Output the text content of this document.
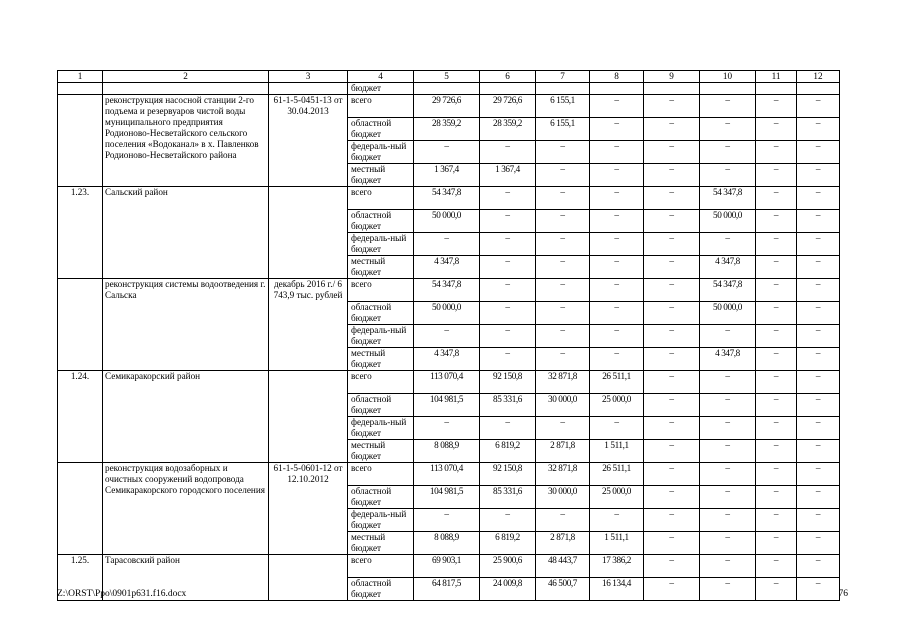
1	2	3	4	5	6	7	8	9	10	11	12
			бюджет								
	реконструкция насосной станции 2-го подъема и резервуаров чистой воды муниципального предприятия Родионово-Несветайского сельского поселения «Водоканал» в х. Павленков Родионово-Несветайского района	61-1-5-0451-13 от 30.04.2013	всего	29 726,6	29 726,6	6 155,1	–	–	–	–	–
			областной бюджет	28 359,2	28 359,2	6 155,1	–	–	–	–	–
			федераль-ный бюджет	–	–	–	–	–	–	–	–
			местный бюджет	1 367,4	1 367,4	–	–	–	–	–	–
1.23.	Сальский район		всего	54 347,8	–	–	–	–	54 347,8	–	–
			областной бюджет	50 000,0	–	–	–	–	50 000,0	–	–
			федераль-ный бюджет	–	–	–	–	–	–	–	–
			местный бюджет	4 347,8	–	–	–	–	4 347,8	–	–
	реконструкция системы водоотведения г. Сальска	декабрь 2016 г./ 6 743,9 тыс. рублей	всего	54 347,8	–	–	–	–	54 347,8	–	–
			областной бюджет	50 000,0	–	–	–	–	50 000,0	–	–
			федераль-ный бюджет	–	–	–	–	–	–	–	–
			местный бюджет	4 347,8	–	–	–	–	4 347,8	–	–
1.24.	Семикаракорский район		всего	113 070,4	92 150,8	32 871,8	26 511,1	–	–	–	–
			областной бюджет	104 981,5	85 331,6	30 000,0	25 000,0	–	–	–	–
			федераль-ный бюджет	–	–	–	–	–	–	–	–
			местный бюджет	8 088,9	6 819,2	2 871,8	1 511,1	–	–	–	–
	реконструкция водозаборных и очистных сооружений водопровода Семикаракорского городского поселения	61-1-5-0601-12 от 12.10.2012	всего	113 070,4	92 150,8	32 871,8	26 511,1	–	–	–	–
			областной бюджет	104 981,5	85 331,6	30 000,0	25 000,0	–	–	–	–
			федераль-ный бюджет	–	–	–	–	–	–	–	–
			местный бюджет	8 088,9	6 819,2	2 871,8	1 511,1	–	–	–	–
1.25.	Тарасовский район		всего	69 903,1	25 900,6	48 443,7	17 386,2	–	–	–	–
			областной бюджет	64 817,5	24 009,8	46 500,7	16 134,4	–	–	–	–
Z:\ORST\Ppo\0901p631.f16.docx	76
